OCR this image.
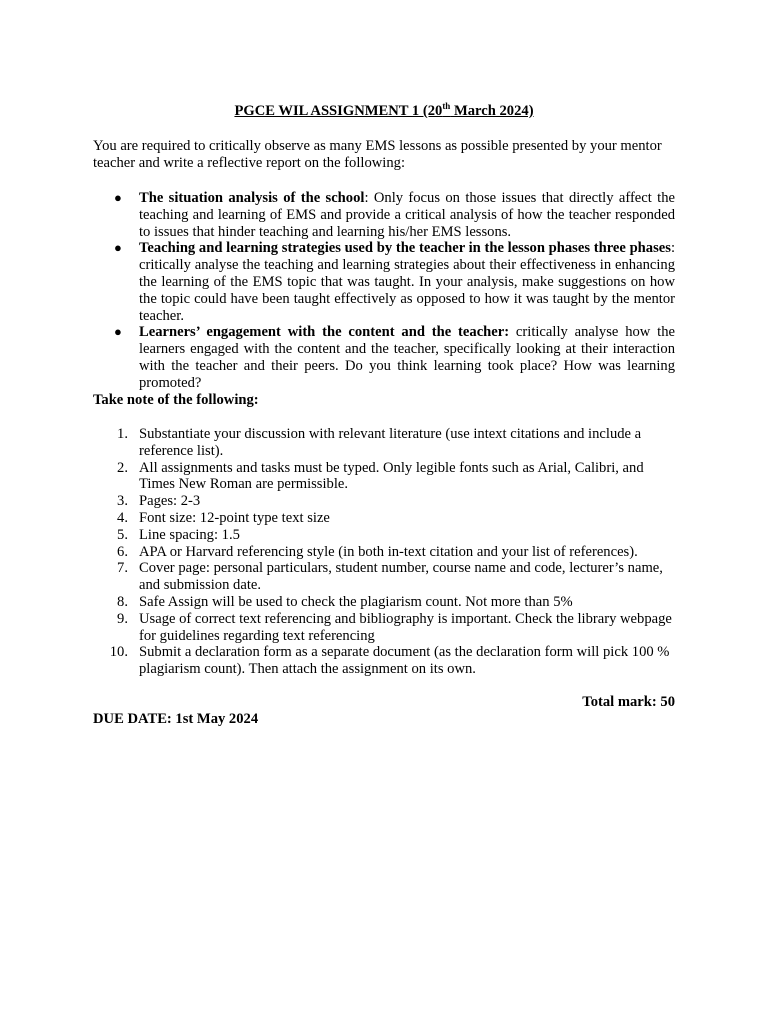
PGCE WIL ASSIGNMENT 1 (20th March 2024)
You are required to critically observe as many EMS lessons as possible presented by your mentor teacher and write a reflective report on the following:
● The situation analysis of the school: Only focus on those issues that directly affect the teaching and learning of EMS and provide a critical analysis of how the teacher responded to issues that hinder teaching and learning his/her EMS lessons.
● Teaching and learning strategies used by the teacher in the lesson phases three phases: critically analyse the teaching and learning strategies about their effectiveness in enhancing the learning of the EMS topic that was taught. In your analysis, make suggestions on how the topic could have been taught effectively as opposed to how it was taught by the mentor teacher.
● Learners’ engagement with the content and the teacher: critically analyse how the learners engaged with the content and the teacher, specifically looking at their interaction with the teacher and their peers. Do you think learning took place? How was learning promoted?
Take note of the following:
1. Substantiate your discussion with relevant literature (use intext citations and include a reference list).
2. All assignments and tasks must be typed. Only legible fonts such as Arial, Calibri, and Times New Roman are permissible.
3. Pages: 2-3
4. Font size: 12-point type text size
5. Line spacing: 1.5
6. APA or Harvard referencing style (in both in-text citation and your list of references).
7. Cover page: personal particulars, student number, course name and code, lecturer’s name, and submission date.
8. Safe Assign will be used to check the plagiarism count. Not more than 5%
9. Usage of correct text referencing and bibliography is important. Check the library webpage for guidelines regarding text referencing
10. Submit a declaration form as a separate document (as the declaration form will pick 100 % plagiarism count). Then attach the assignment on its own.
Total mark: 50
DUE DATE: 1st May 2024
